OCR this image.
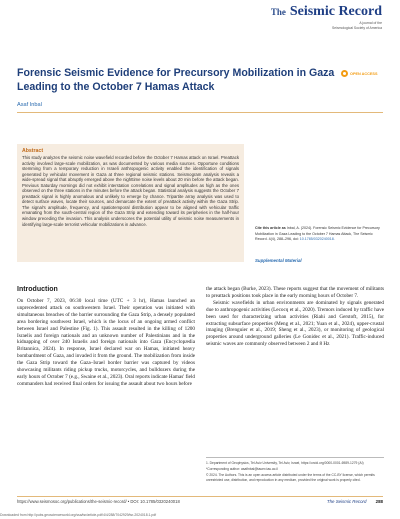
The Seismic Record
A journal of the
Seismological Society of America
Forensic Seismic Evidence for Precursory Mobilization in Gaza Leading to the October 7 Hamas Attack
OPEN ACCESS
Asaf Inbal
Abstract
This study analyzes the seismic noise wavefield recorded before the October 7 Hamas attack on Israel. Preattack activity involved large-scale mobilization, as was documented by various media sources. Opportune conditions stemming from a temporary reduction in Israeli anthropogenic activity enabled the identification of signals generated by vehicular movement in Gaza at three regional seismic stations. Seismogram analysis reveals a wide-spread signal that abruptly emerged above the nighttime noise levels about 20 min before the attack began. Previous Saturday mornings did not exhibit interstation correlations and signal amplitudes as high as the ones observed on the three stations in the minutes before the attack began. Statistical analysis suggests the October 7 preattack signal is highly anomalous and unlikely to emerge by chance. Tripartite array analysis was used to detect surface waves, locate their sources, and demarcate the extent of preattack activity within the Gaza Strip. The signal's amplitude, frequency, and spatiotemporal distribution appear to be aligned with vehicular traffic emanating from the south-central region of the Gaza Strip and extending toward its peripheries in the half-hour window preceding the invasion. This analysis underscores the potential utility of seismic noise measurements in identifying large-scale terrorist vehicular mobilizations in advance.
Cite this article as Inbal, A. (2024). Forensic Seismic Evidence for Precursory Mobilization in Gaza Leading to the October 7 Hamas Attack, The Seismic Record. 4(4), 288–296, doi: 10.1785/0320240018.
Supplemental Material
Introduction

On October 7, 2023, 06:30 local time (UTC + 3 hr), Hamas launched an unprecedented attack on southwestern Israel. Their operation was initiated with simultaneous breaches of the barrier surrounding the Gaza Strip, a densely populated area bordering southwest Israel, which is the locus of an ongoing armed conflict between Israel and Palestine (Fig. 1). This assault resulted in the killing of 1200 Israelis and foreign nationals and an unknown number of Palestinians and in the kidnapping of over 240 Israelis and foreign nationals into Gaza (Encyclopædia Britannica, 2024). In response, Israel declared war on Hamas, initiated heavy bombardment of Gaza, and invaded it from the ground. The mobilization from inside the Gaza Strip toward the Gaza–Israel border barrier was captured by videos showcasing militants riding pickup trucks, motorcycles, and bulldozers during the early hours of October 7 (e.g., Swaine et al., 2023). Oral reports indicate Hamas' field commanders had received final orders for issuing the assault about two hours before

the attack began (Burke, 2023). These reports suggest that the movement of militants to preattack positions took place in the early morning hours of October 7.

Seismic wavefields in urban environments are dominated by signals generated due to anthropogenic activities (Lecocq et al., 2020). Tremors induced by traffic have been used for characterizing urban activities (Riahi and Gerstoft, 2015), for extracting subsurface properties (Meng et al., 2021; Yuan et al., 2024), upper-crustal imaging (Brenguier et al., 2019; Sheng et al., 2023), or monitoring of geological properties around underground galleries (Le Gonidec et al., 2021). Traffic-induced seismic waves are commonly observed between 2 and 8 Hz

1. Department of Geophysics, Tel Aviv University, Tel Aviv, Israel, https://orcid.org/0000-0001-6989-1279 (AI)

*Corresponding author: asafinbal@tauex.tau.ac.il

© 2024. The Authors. This is an open access article distributed under the terms of the CC-BY license, which permits unrestricted use, distribution, and reproduction in any medium, provided the original work is properly cited.

https://www.seismosoc.org/publications/the-seismic-record/ • DOI: 10.1785/0320240018	The Seismic Record 288
Downloaded from http://pubs.geoscienceworld.org/ssa/tsr/article-pdf/4/4/288/7042929/tsr-2024018.1.pdf
